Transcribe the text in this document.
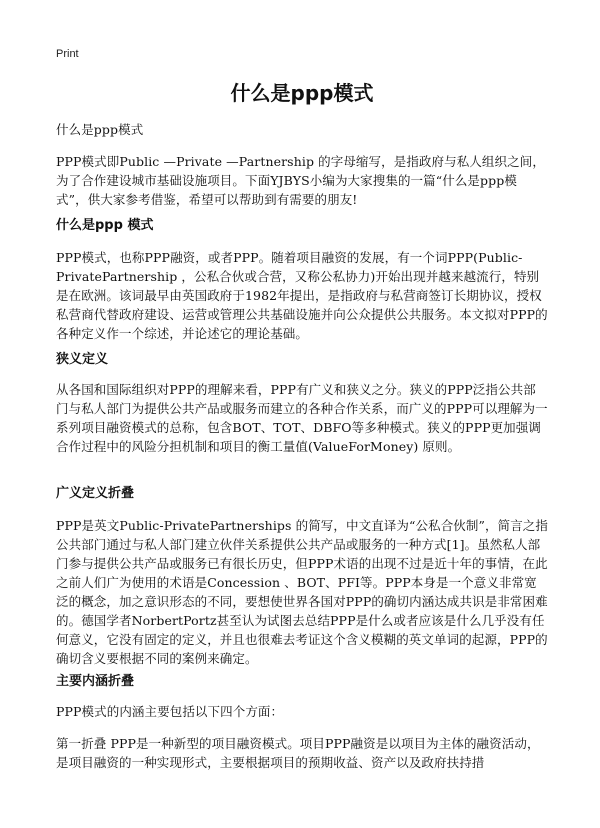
Print
什么是ppp模式

什么是ppp模式

PPP模式即Public —Private —Partnership 的字母缩写，是指政府与私人组织之间，为了合作建设城市基础设施项目。下面YJBYS小编为大家搜集的一篇“什么是ppp模式”，供大家参考借鉴，希望可以帮助到有需要的朋友!

什么是ppp 模式

PPP模式，也称PPP融资，或者PPP。随着项目融资的发展，有一个词PPP(Public-PrivatePartnership ，公私合伙或合营，又称公私协力)开始出现并越来越流行，特别是在欧洲。该词最早由英国政府于1982年提出，是指政府与私营商签订长期协议，授权私营商代替政府建设、运营或管理公共基础设施并向公众提供公共服务。本文拟对PPP的各种定义作一个综述，并论述它的理论基础。

狭义定义

从各国和国际组织对PPP的理解来看，PPP有广义和狭义之分。狭义的PPP泛指公共部门与私人部门为提供公共产品或服务而建立的各种合作关系，而广义的PPP可以理解为一系列项目融资模式的总称，包含BOT、TOT、DBFO等多种模式。狭义的PPP更加强调合作过程中的风险分担机制和项目的衡工量值(ValueForMoney) 原则。

广义定义折叠

PPP是英文Public-PrivatePartnerships 的简写，中文直译为“公私合伙制”，简言之指公共部门通过与私人部门建立伙伴关系提供公共产品或服务的一种方式[1]。虽然私人部门参与提供公共产品或服务已有很长历史，但PPP术语的出现不过是近十年的事情，在此之前人们广为使用的术语是Concession 、BOT、PFI等。PPP本身是一个意义非常宽泛的概念，加之意识形态的不同，要想使世界各国对PPP的确切内涵达成共识是非常困难的。德国学者NorbertPortz甚至认为试图去总结PPP是什么或者应该是什么几乎没有任何意义，它没有固定的定义，并且也很难去考证这个含义模糊的英文单词的起源，PPP的确切含义要根据不同的案例来确定。

主要内涵折叠

PPP模式的内涵主要包括以下四个方面：

第一折叠 PPP是一种新型的项目融资模式。项目PPP融资是以项目为主体的融资活动，是项目融资的一种实现形式，主要根据项目的预期收益、资产以及政府扶持措
